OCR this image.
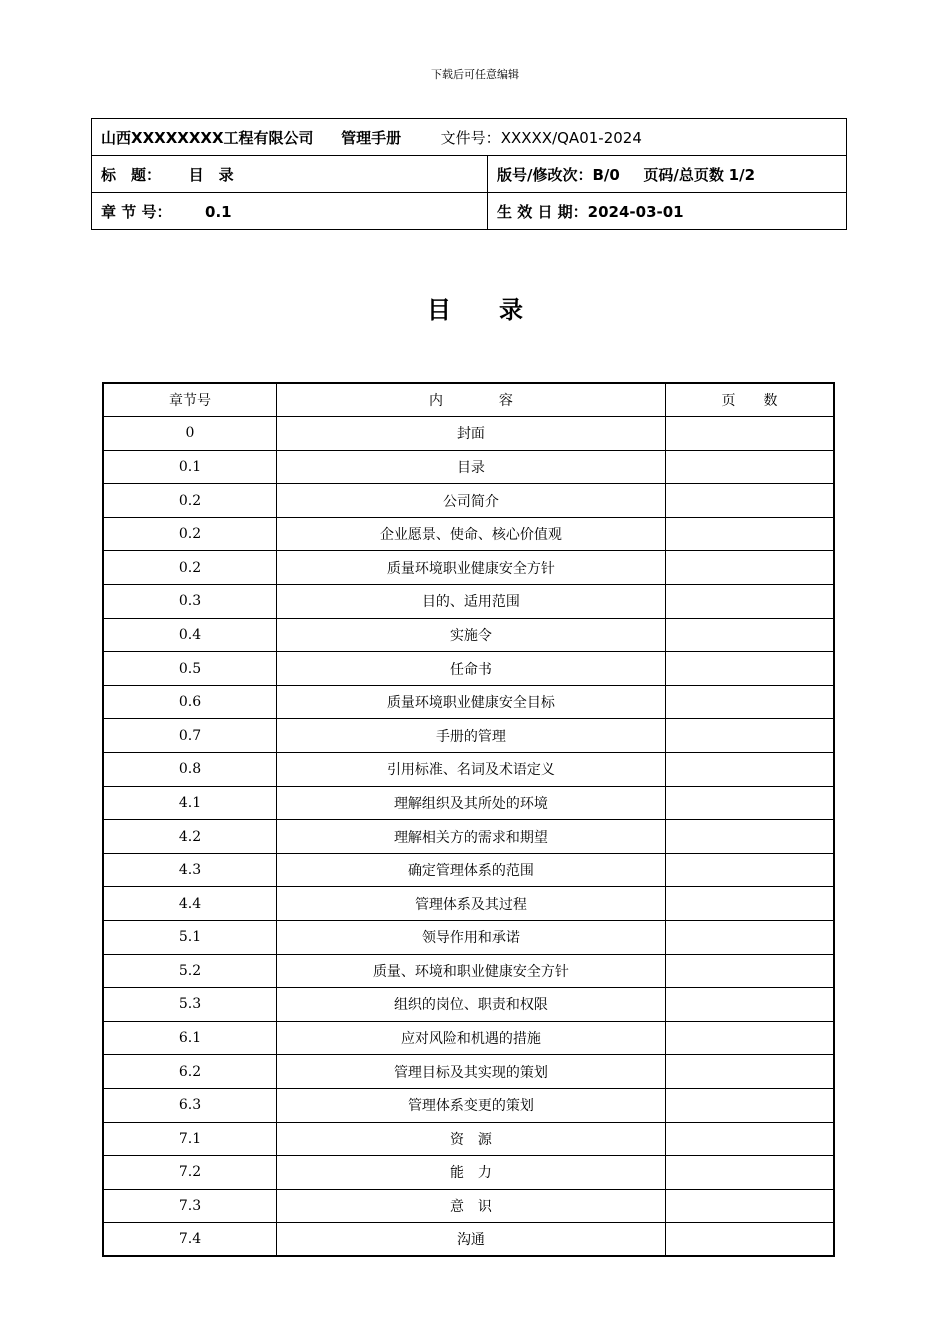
下载后可任意编辑
山西XXXXXXXX工程有限公司 管理手册 文件号：XXXXX/QA01-2024	
标　题： 目　录	版号/修改次：B/0 页码/总页数 1/2
章 节 号： 0.1	生 效 日 期：2024-03-01
目　　录
章节号	内　　　　容	页　　数
0	封面	
0.1	目录	
0.2	公司简介	
0.2	企业愿景、使命、核心价值观	
0.2	质量环境职业健康安全方针	
0.3	目的、适用范围	
0.4	实施令	
0.5	任命书	
0.6	质量环境职业健康安全目标	
0.7	手册的管理	
0.8	引用标准、名词及术语定义	
4.1	理解组织及其所处的环境	
4.2	理解相关方的需求和期望	
4.3	确定管理体系的范围	
4.4	管理体系及其过程	
5.1	领导作用和承诺	
5.2	质量、环境和职业健康安全方针	
5.3	组织的岗位、职责和权限	
6.1	应对风险和机遇的措施	
6.2	管理目标及其实现的策划	
6.3	管理体系变更的策划	
7.1	资　源	
7.2	能　力	
7.3	意　识	
7.4	沟通	
